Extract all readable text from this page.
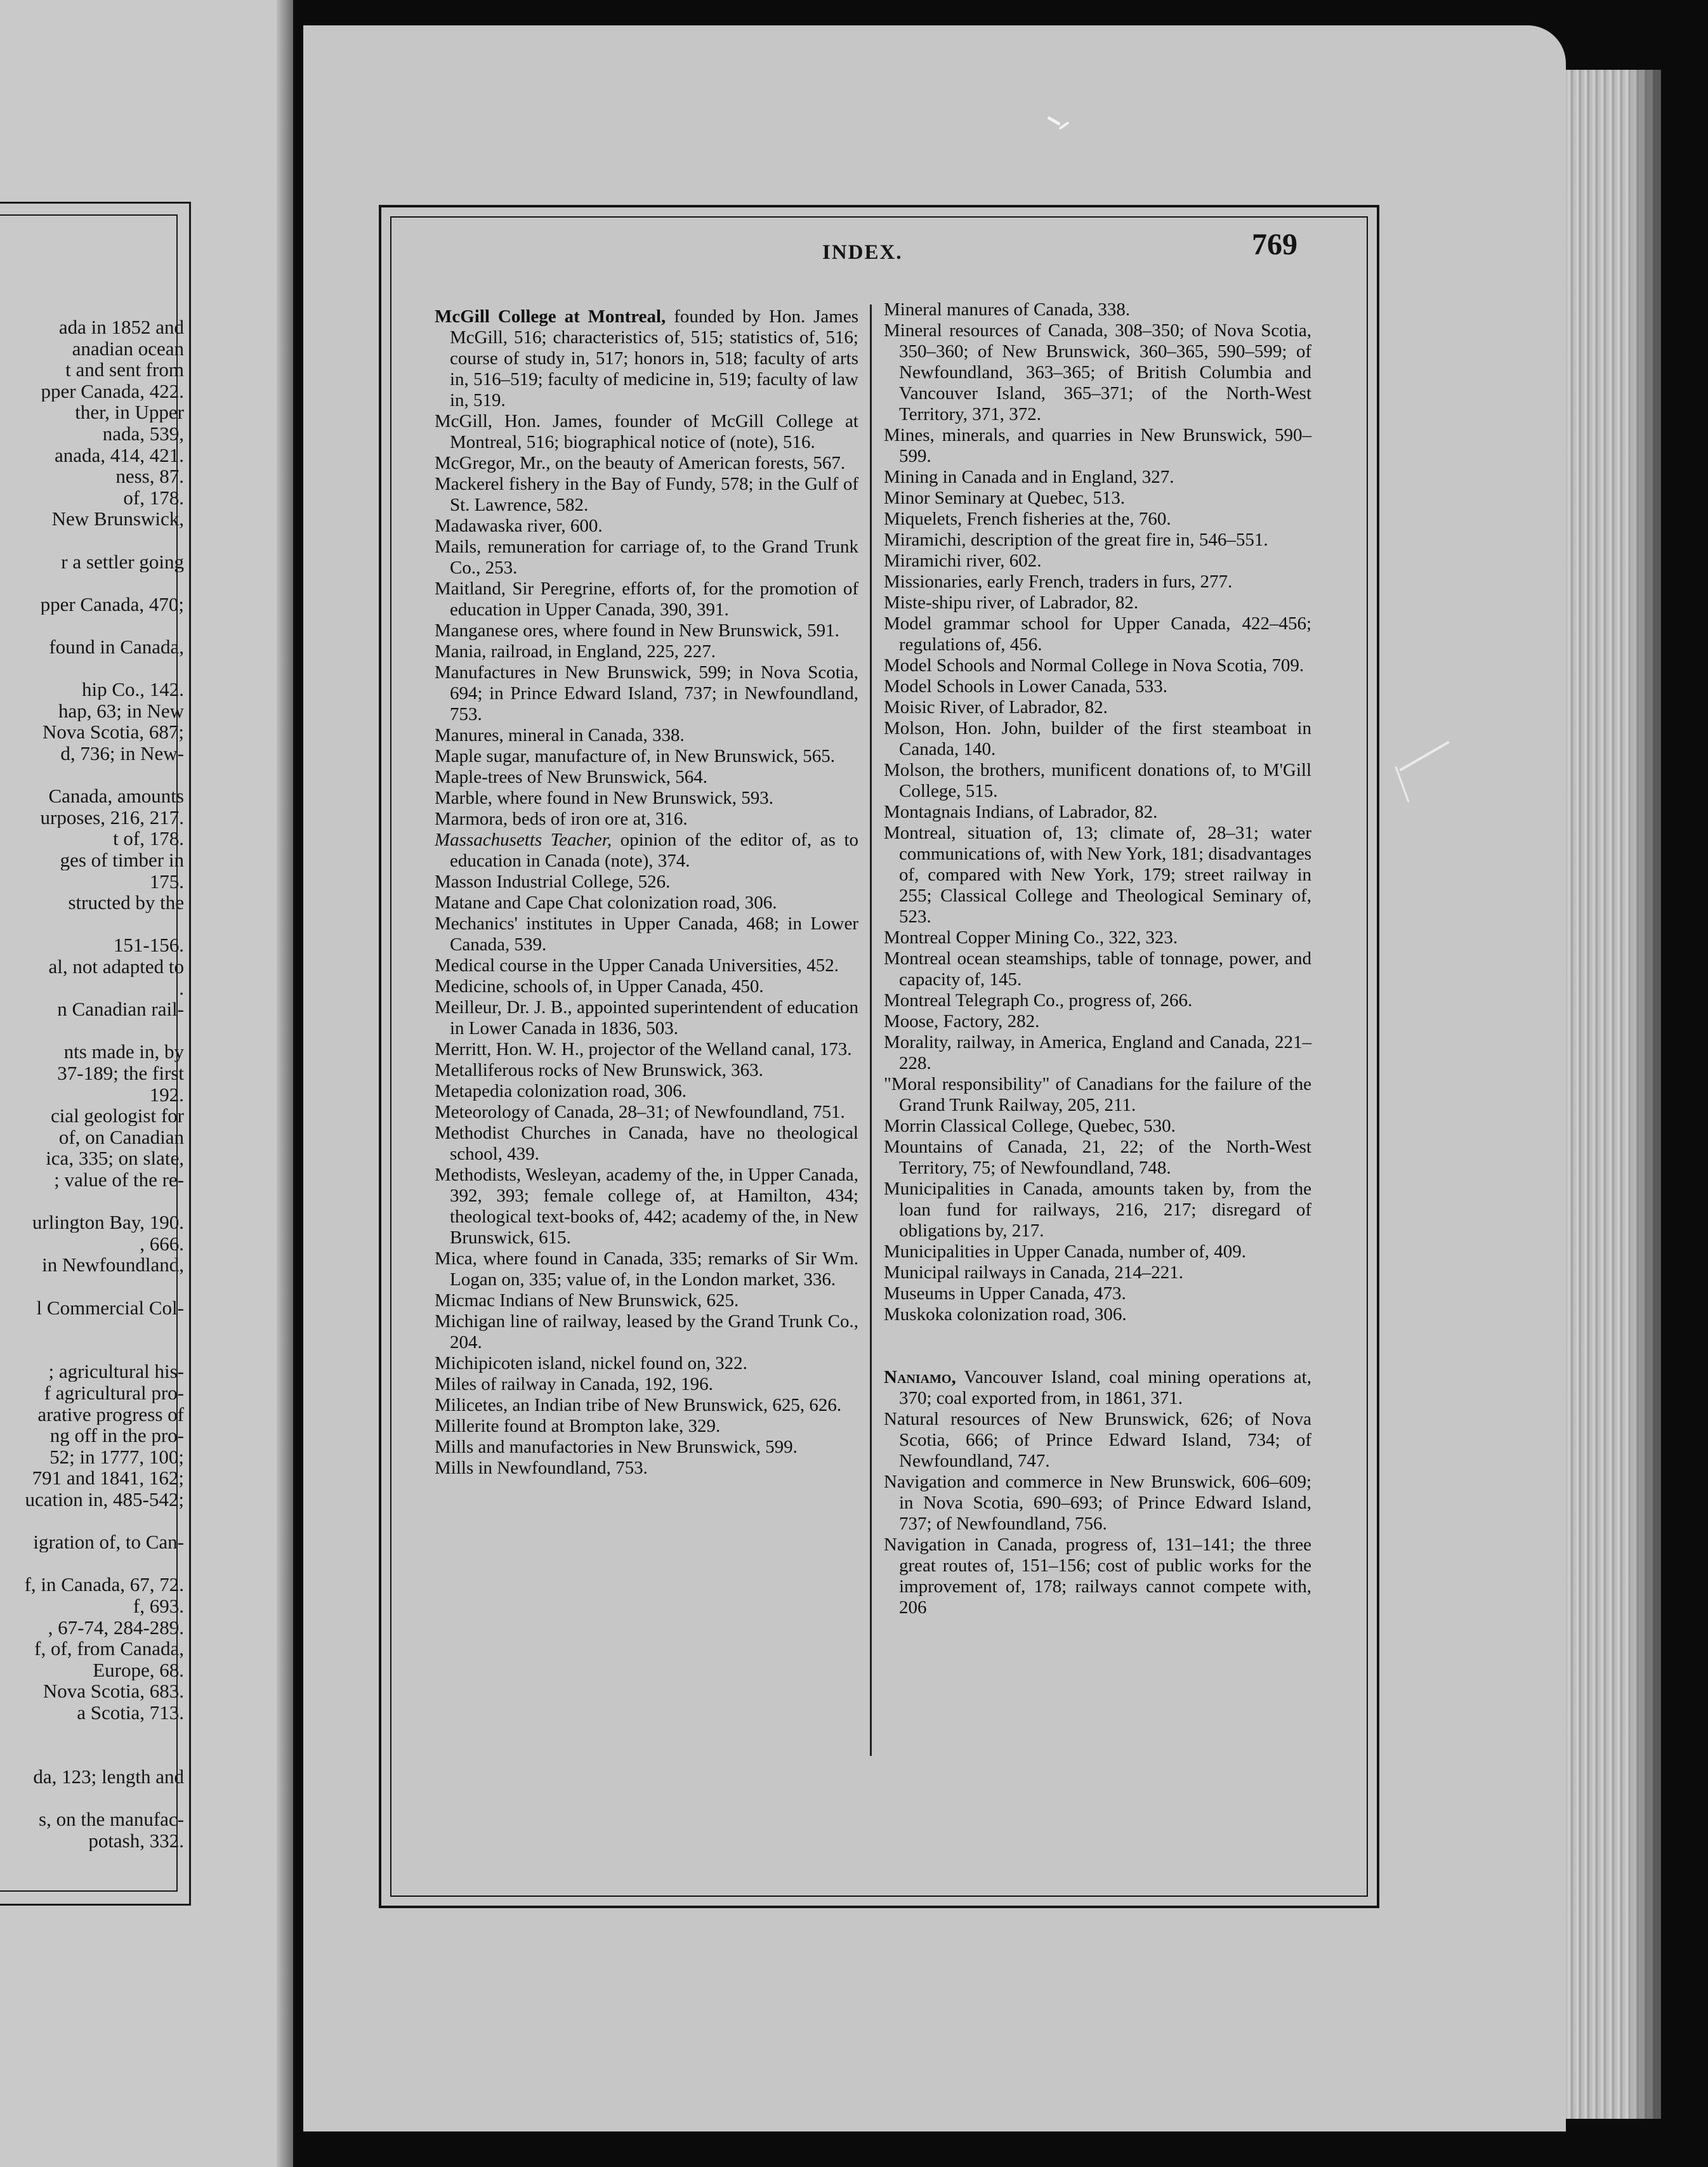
ada in 1852 and
anadian ocean
t and sent from
pper Canada, 422.
ther, in Upper
nada, 539,
anada, 414, 421.
ness, 87.
of, 178.
New Brunswick,
r a settler going
pper Canada, 470;
found in Canada,
hip Co., 142.
hap, 63; in New
Nova Scotia, 687;
d, 736; in New-
Canada, amounts
urposes, 216, 217.
t of, 178.
ges of timber in
175.
structed by the
151-156.
al, not adapted to
.
n Canadian rail-
nts made in, by
37-189; the first
192.
cial geologist for
of, on Canadian
ica, 335; on slate,
; value of the re-
urlington Bay, 190.
, 666.
in Newfoundland,
l Commercial Col-
; agricultural his-
f agricultural pro-
arative progress of
ng off in the pro-
52; in 1777, 100;
791 and 1841, 162;
ucation in, 485-542;
igration of, to Can-
f, in Canada, 67, 72.
f, 693.
, 67-74, 284-289.
f, of, from Canada,
Europe, 68.
Nova Scotia, 683.
a Scotia, 713.
da, 123; length and
s, on the manufac-
potash, 332.
INDEX.	769

McGill College at Montreal, founded by Hon. James McGill, 516; characteristics of, 515; statistics of, 516; course of study in, 517; honors in, 518; faculty of arts in, 516–519; faculty of medicine in, 519; faculty of law in, 519.

McGill, Hon. James, founder of McGill College at Montreal, 516; biographical notice of (note), 516.

McGregor, Mr., on the beauty of American forests, 567.

Mackerel fishery in the Bay of Fundy, 578; in the Gulf of St. Lawrence, 582.

Madawaska river, 600.

Mails, remuneration for carriage of, to the Grand Trunk Co., 253.

Maitland, Sir Peregrine, efforts of, for the promotion of education in Upper Canada, 390, 391.

Manganese ores, where found in New Brunswick, 591.

Mania, railroad, in England, 225, 227.

Manufactures in New Brunswick, 599; in Nova Scotia, 694; in Prince Edward Island, 737; in Newfoundland, 753.

Manures, mineral in Canada, 338.

Maple sugar, manufacture of, in New Brunswick, 565.

Maple-trees of New Brunswick, 564.

Marble, where found in New Brunswick, 593.

Marmora, beds of iron ore at, 316.

Massachusetts Teacher, opinion of the editor of, as to education in Canada (note), 374.

Masson Industrial College, 526.

Matane and Cape Chat colonization road, 306.

Mechanics' institutes in Upper Canada, 468; in Lower Canada, 539.

Medical course in the Upper Canada Universities, 452.

Medicine, schools of, in Upper Canada, 450.

Meilleur, Dr. J. B., appointed superintendent of education in Lower Canada in 1836, 503.

Merritt, Hon. W. H., projector of the Welland canal, 173.

Metalliferous rocks of New Brunswick, 363.

Metapedia colonization road, 306.

Meteorology of Canada, 28–31; of Newfoundland, 751.

Methodist Churches in Canada, have no theological school, 439.

Methodists, Wesleyan, academy of the, in Upper Canada, 392, 393; female college of, at Hamilton, 434; theological text-books of, 442; academy of the, in New Brunswick, 615.

Mica, where found in Canada, 335; remarks of Sir Wm. Logan on, 335; value of, in the London market, 336.

Micmac Indians of New Brunswick, 625.

Michigan line of railway, leased by the Grand Trunk Co., 204.

Michipicoten island, nickel found on, 322.

Miles of railway in Canada, 192, 196.

Milicetes, an Indian tribe of New Brunswick, 625, 626.

Millerite found at Brompton lake, 329.

Mills and manufactories in New Brunswick, 599.

Mills in Newfoundland, 753.

Mineral manures of Canada, 338.

Mineral resources of Canada, 308–350; of Nova Scotia, 350–360; of New Brunswick, 360–365, 590–599; of Newfoundland, 363–365; of British Columbia and Vancouver Island, 365–371; of the North-West Territory, 371, 372.

Mines, minerals, and quarries in New Brunswick, 590–599.

Mining in Canada and in England, 327.

Minor Seminary at Quebec, 513.

Miquelets, French fisheries at the, 760.

Miramichi, description of the great fire in, 546–551.

Miramichi river, 602.

Missionaries, early French, traders in furs, 277.

Miste-shipu river, of Labrador, 82.

Model grammar school for Upper Canada, 422–456; regulations of, 456.

Model Schools and Normal College in Nova Scotia, 709.

Model Schools in Lower Canada, 533.

Moisic River, of Labrador, 82.

Molson, Hon. John, builder of the first steamboat in Canada, 140.

Molson, the brothers, munificent donations of, to M'Gill College, 515.

Montagnais Indians, of Labrador, 82.

Montreal, situation of, 13; climate of, 28–31; water communications of, with New York, 181; disadvantages of, compared with New York, 179; street railway in 255; Classical College and Theological Seminary of, 523.

Montreal Copper Mining Co., 322, 323.

Montreal ocean steamships, table of tonnage, power, and capacity of, 145.

Montreal Telegraph Co., progress of, 266.

Moose, Factory, 282.

Morality, railway, in America, England and Canada, 221–228.

"Moral responsibility" of Canadians for the failure of the Grand Trunk Railway, 205, 211.

Morrin Classical College, Quebec, 530.

Mountains of Canada, 21, 22; of the North-West Territory, 75; of Newfoundland, 748.

Municipalities in Canada, amounts taken by, from the loan fund for railways, 216, 217; disregard of obligations by, 217.

Municipalities in Upper Canada, number of, 409.

Municipal railways in Canada, 214–221.

Museums in Upper Canada, 473.

Muskoka colonization road, 306.

Naniamo, Vancouver Island, coal mining operations at, 370; coal exported from, in 1861, 371.

Natural resources of New Brunswick, 626; of Nova Scotia, 666; of Prince Edward Island, 734; of Newfoundland, 747.

Navigation and commerce in New Brunswick, 606–609; in Nova Scotia, 690–693; of Prince Edward Island, 737; of Newfoundland, 756.

Navigation in Canada, progress of, 131–141; the three great routes of, 151–156; cost of public works for the improvement of, 178; railways cannot compete with, 206
